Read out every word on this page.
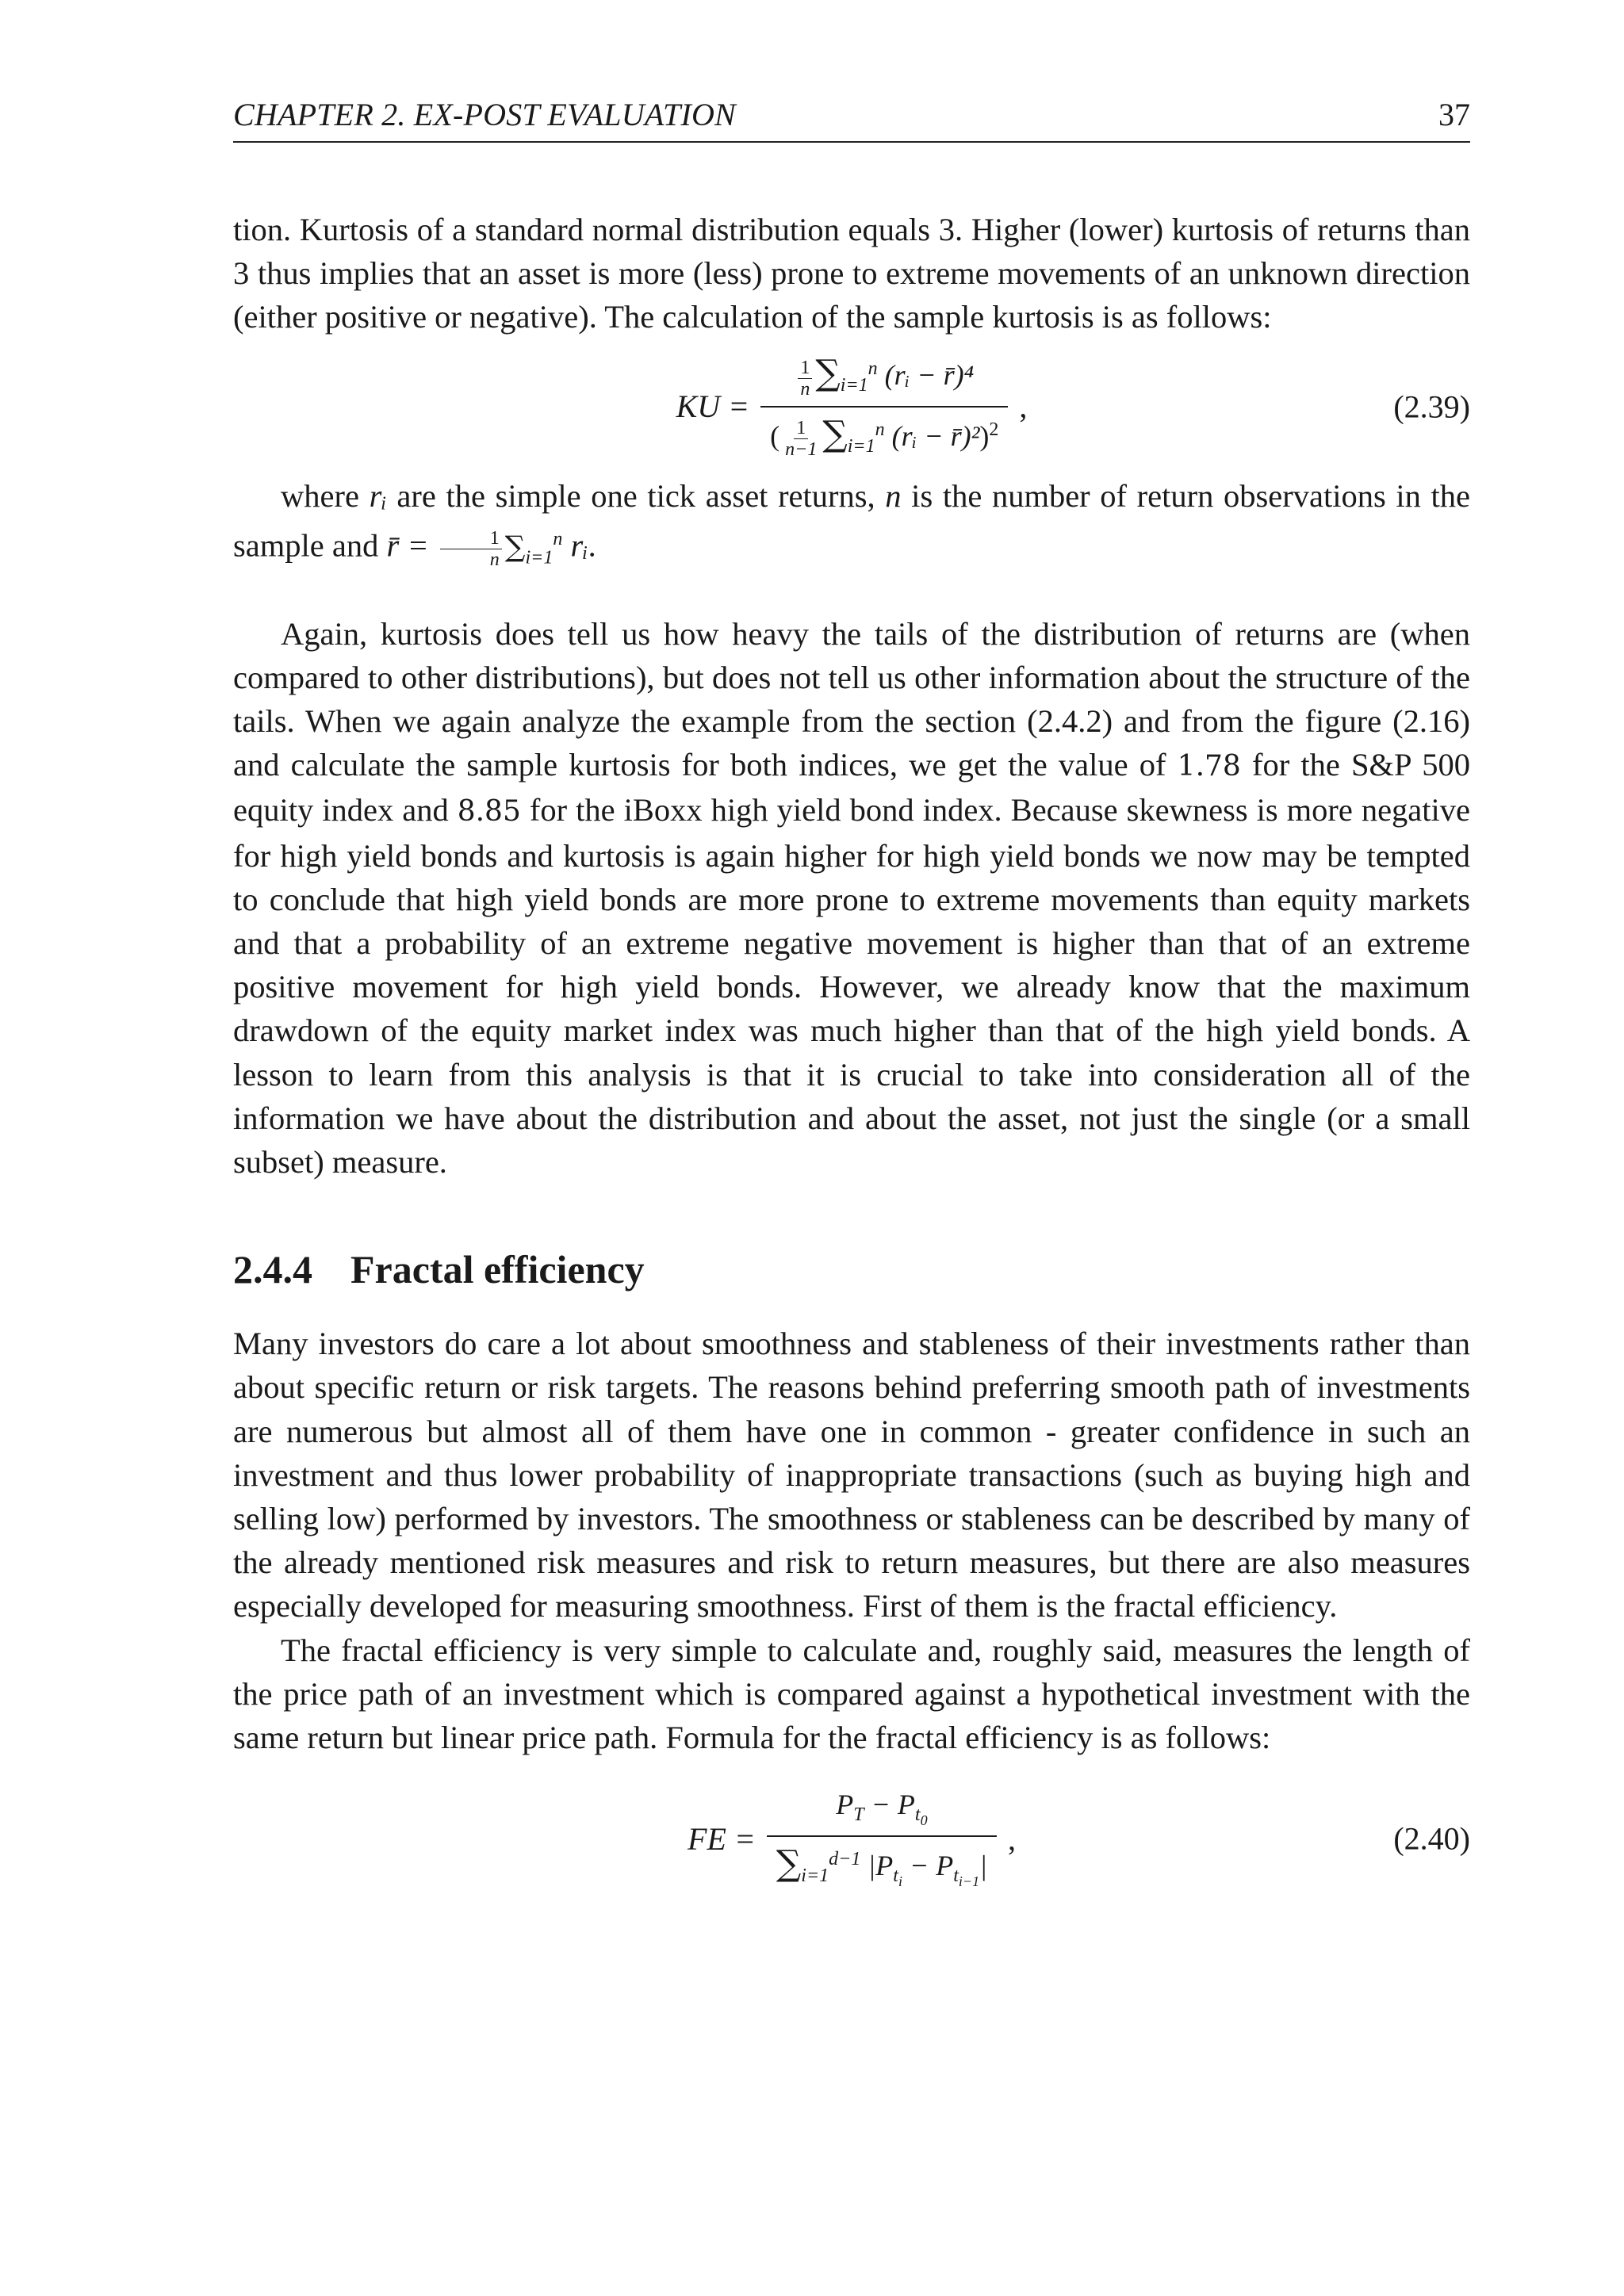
CHAPTER 2. EX-POST EVALUATION	37

tion. Kurtosis of a standard normal distribution equals 3. Higher (lower) kurtosis of returns than 3 thus implies that an asset is more (less) prone to extreme movements of an unknown direction (either positive or negative). The calculation of the sample kurtosis is as follows:

KU = $\frac{\frac{1}{n} \sum_{i=1}^n (rᵢ - r̄)^4}{( \frac{1}{n-1} \sum_{i=1}^n (rᵢ - r̄)^2)^2}$ ,	(2.39)

where rᵢ are the simple one tick asset returns, n is the number of return observations in the sample and r̄ = $\frac{1}{n} \sum_{i=1}^n$ rᵢ.

Again, kurtosis does tell us how heavy the tails of the distribution of returns are (when compared to other distributions), but does not tell us other information about the structure of the tails. When we again analyze the example from the section (2.4.2) and from the figure (2.16) and calculate the sample kurtosis for both indices, we get the value of 1.78 for the S&P 500 equity index and 8.85 for the iBoxx high yield bond index. Because skewness is more negative for high yield bonds and kurtosis is again higher for high yield bonds we now may be tempted to conclude that high yield bonds are more prone to extreme movements than equity markets and that a probability of an extreme negative movement is higher than that of an extreme positive movement for high yield bonds. However, we already know that the maximum drawdown of the equity market index was much higher than that of the high yield bonds. A lesson to learn from this analysis is that it is crucial to take into consideration all of the information we have about the distribution and about the asset, not just the single (or a small subset) measure.

2.4.4 Fractal efficiency

Many investors do care a lot about smoothness and stableness of their investments rather than about specific return or risk targets. The reasons behind preferring smooth path of investments are numerous but almost all of them have one in common - greater confidence in such an investment and thus lower probability of inappropriate transactions (such as buying high and selling low) performed by investors. The smoothness or stableness can be described by many of the already mentioned risk measures and risk to return measures, but there are also measures especially developed for measuring smoothness. First of them is the fractal efficiency.

The fractal efficiency is very simple to calculate and, roughly said, measures the length of the price path of an investment which is compared against a hypothetical investment with the same return but linear price path. Formula for the fractal efficiency is as follows:

FE = $\frac{P_T - P_{t_0}}{\sum_{i=1}^{d-1} |P_{t_i} - P_{t_{i-1}}|}$ ,	(2.40)
